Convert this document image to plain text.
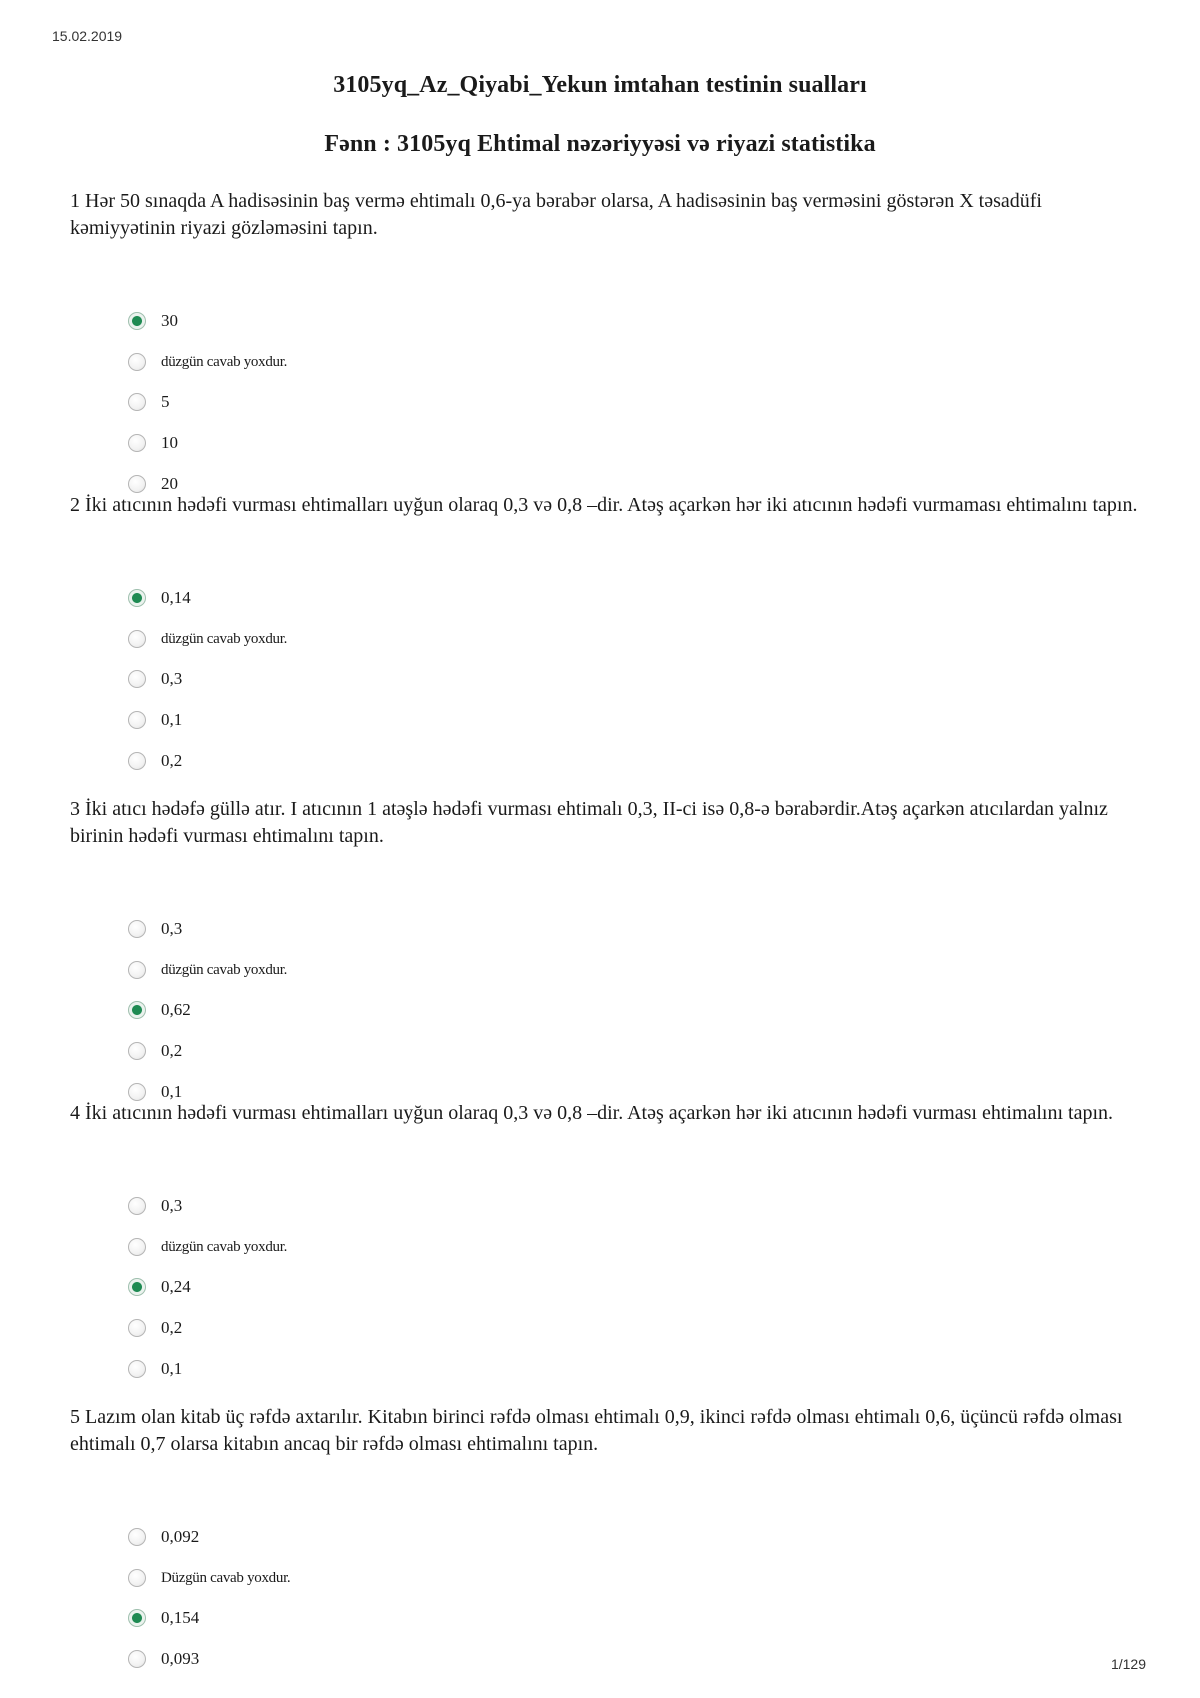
15.02.2019
3105yq_Az_Qiyabi_Yekun imtahan testinin sualları
Fənn : 3105yq Ehtimal nəzəriyyəsi və riyazi statistika

1 Hər 50 sınaqda A hadisəsinin baş vermə ehtimalı 0,6-ya bərabər olarsa, A hadisəsinin baş verməsini göstərən X təsadüfi kəmiyyətinin riyazi gözləməsini tapın.

30
düzgün cavab yoxdur.
5
10
20

2 İki atıcının hədəfi vurması ehtimalları uyğun olaraq 0,3 və 0,8 –dir. Atəş açarkən hər iki atıcının hədəfi vurmaması ehtimalını tapın.

0,14
düzgün cavab yoxdur.
0,3
0,1
0,2

3 İki atıcı hədəfə güllə atır. I atıcının 1 atəşlə hədəfi vurması ehtimalı 0,3, II-ci isə 0,8-ə bərabərdir.Atəş açarkən atıcılardan yalnız birinin hədəfi vurması ehtimalını tapın.

0,3
düzgün cavab yoxdur.
0,62
0,2
0,1

4 İki atıcının hədəfi vurması ehtimalları uyğun olaraq 0,3 və 0,8 –dir. Atəş açarkən hər iki atıcının hədəfi vurması ehtimalını tapın.

0,3
düzgün cavab yoxdur.
0,24
0,2
0,1

5 Lazım olan kitab üç rəfdə axtarılır. Kitabın birinci rəfdə olması ehtimalı 0,9, ikinci rəfdə olması ehtimalı 0,6, üçüncü rəfdə olması ehtimalı 0,7 olarsa kitabın ancaq bir rəfdə olması ehtimalını tapın.

0,092
Düzgün cavab yoxdur.
0,154
0,093	1/129
